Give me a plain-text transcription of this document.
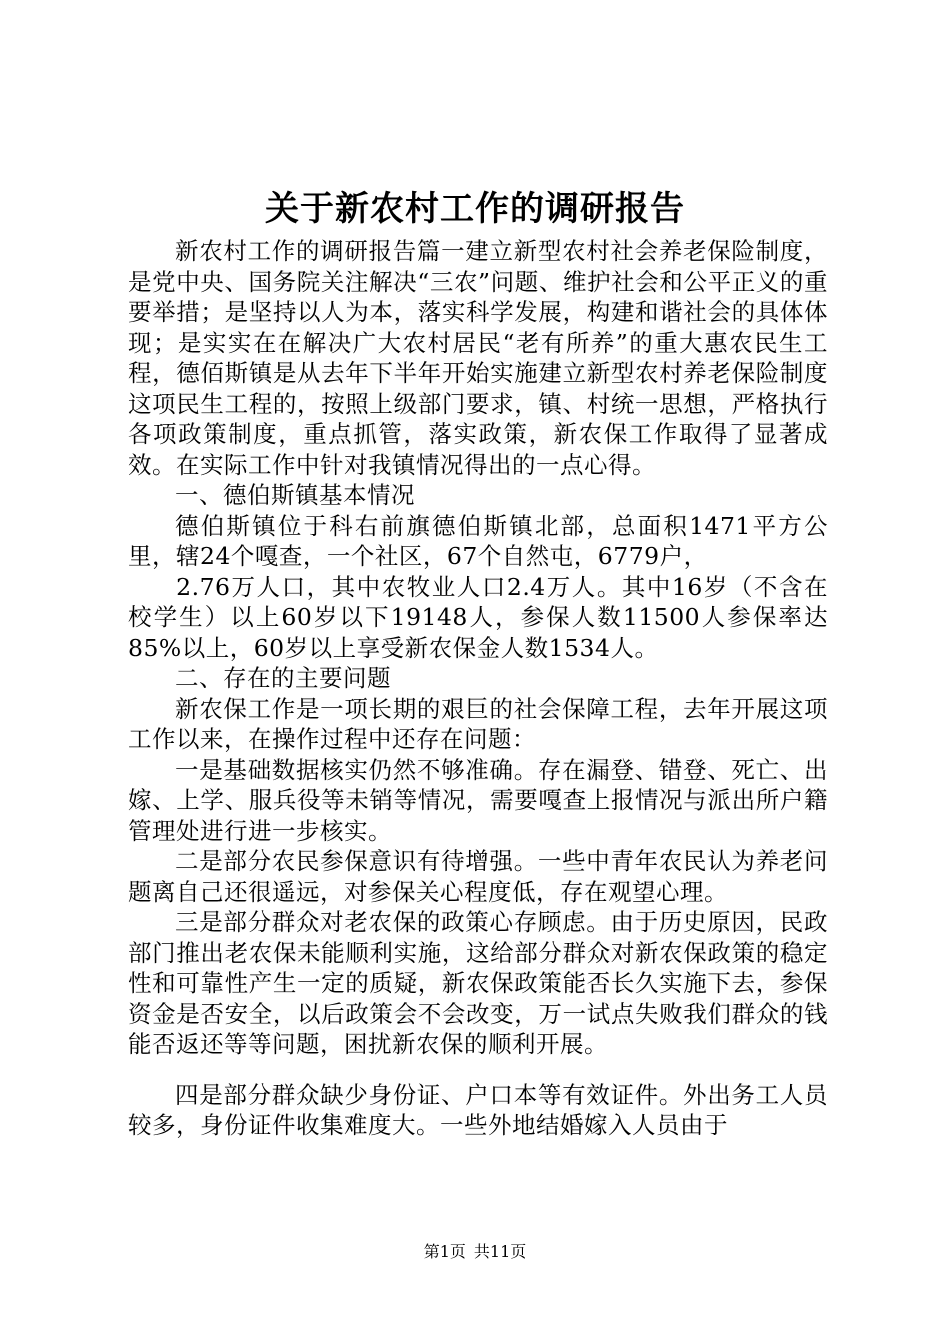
关于新农村工作的调研报告

新农村工作的调研报告篇一建立新型农村社会养老保险制度，是党中央、国务院关注解决“三农”问题、维护社会和公平正义的重要举措；是坚持以人为本，落实科学发展，构建和谐社会的具体体现；是实实在在解决广大农村居民“老有所养”的重大惠农民生工程，德佰斯镇是从去年下半年开始实施建立新型农村养老保险制度这项民生工程的，按照上级部门要求，镇、村统一思想，严格执行各项政策制度，重点抓管，落实政策，新农保工作取得了显著成效。在实际工作中针对我镇情况得出的一点心得。

一、德伯斯镇基本情况

德伯斯镇位于科右前旗德伯斯镇北部，总面积1471平方公里，辖24个嘎查，一个社区，67个自然屯，6779户，

2.76万人口，其中农牧业人口2.4万人。其中16岁（不含在校学生）以上60岁以下19148人，参保人数11500人参保率达85%以上，60岁以上享受新农保金人数1534人。

二、存在的主要问题

新农保工作是一项长期的艰巨的社会保障工程，去年开展这项工作以来，在操作过程中还存在问题：

一是基础数据核实仍然不够准确。存在漏登、错登、死亡、出嫁、上学、服兵役等未销等情况，需要嘎查上报情况与派出所户籍管理处进行进一步核实。

二是部分农民参保意识有待增强。一些中青年农民认为养老问题离自己还很遥远，对参保关心程度低，存在观望心理。

三是部分群众对老农保的政策心存顾虑。由于历史原因，民政部门推出老农保未能顺利实施，这给部分群众对新农保政策的稳定性和可靠性产生一定的质疑，新农保政策能否长久实施下去，参保资金是否安全，以后政策会不会改变，万一试点失败我们群众的钱能否返还等等问题，困扰新农保的顺利开展。

四是部分群众缺少身份证、户口本等有效证件。外出务工人员较多，身份证件收集难度大。一些外地结婚嫁入人员由于

第1页 共11页
